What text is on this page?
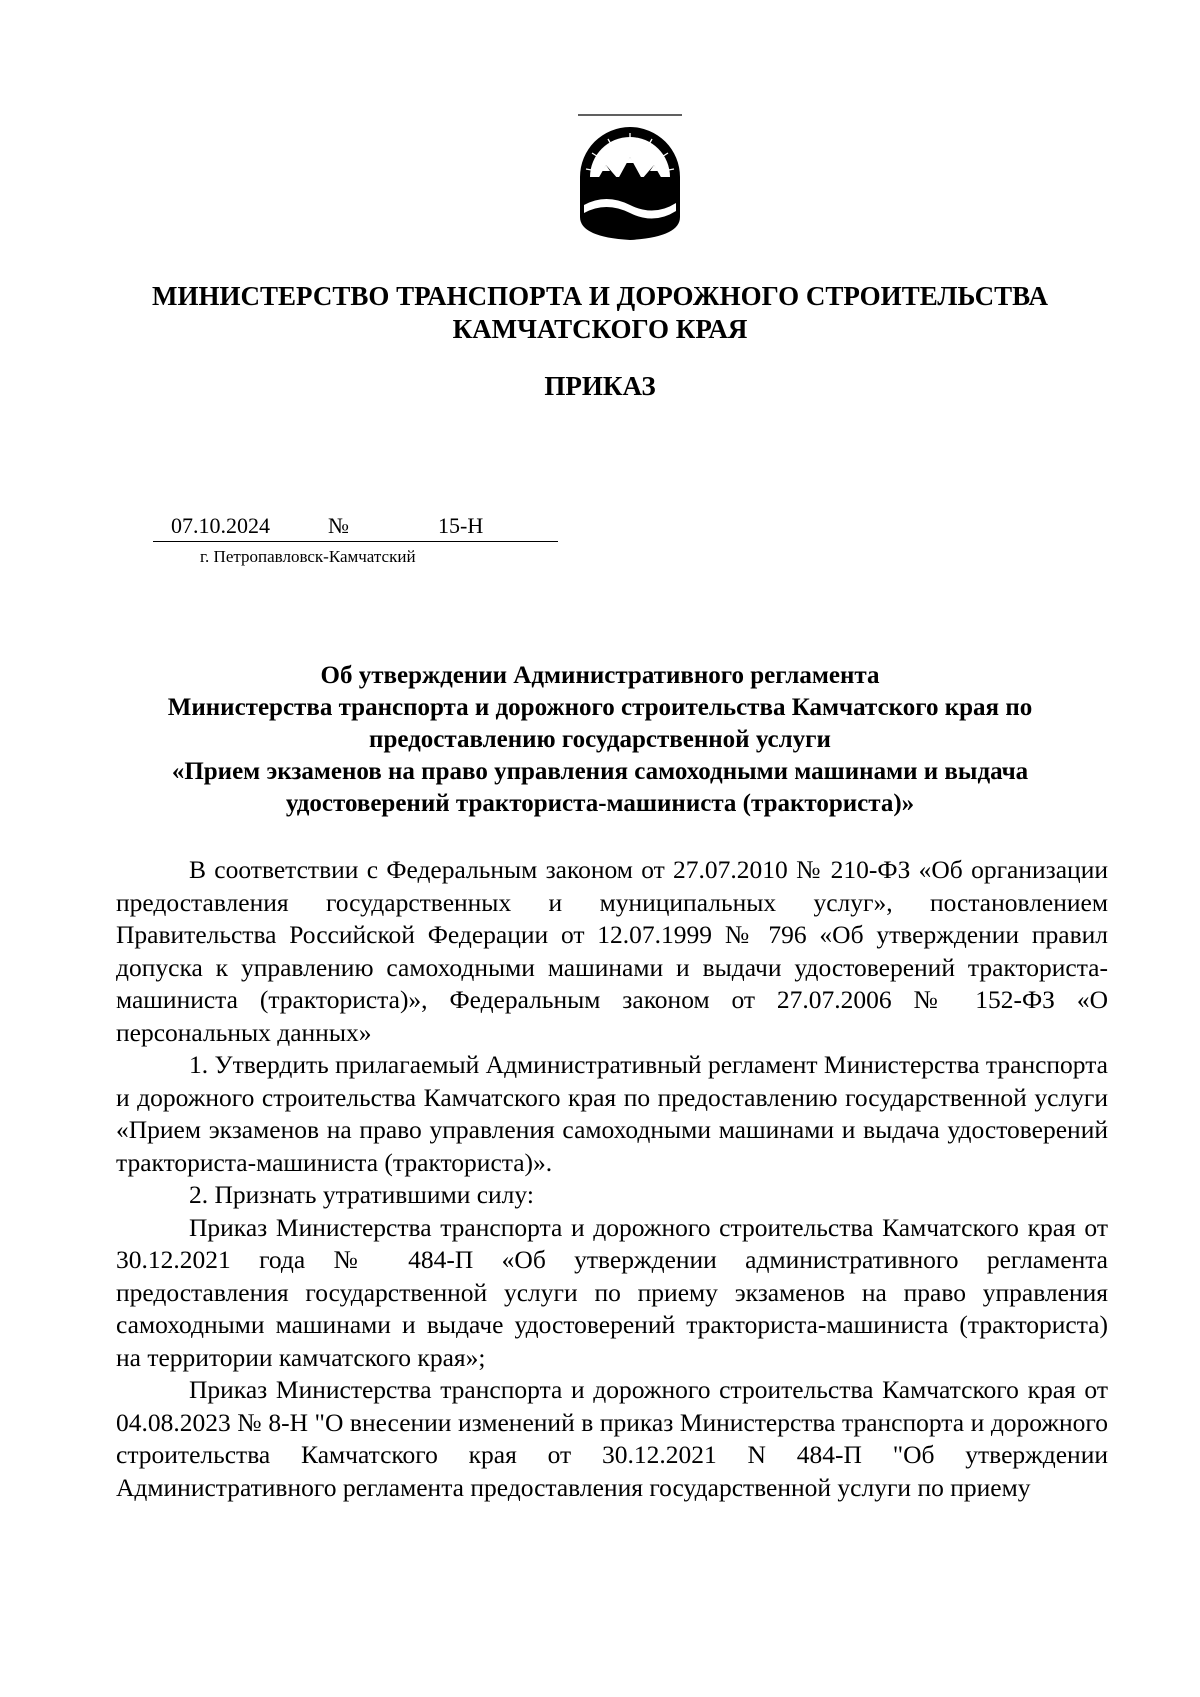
МИНИСТЕРСТВО ТРАНСПОРТА И ДОРОЖНОГО СТРОИТЕЛЬСТВА
КАМЧАТСКОГО КРАЯ
ПРИКАЗ
07.10.2024	№	15-Н
г. Петропавловск-Камчатский
Об утверждении Административного регламента
Министерства транспорта и дорожного строительства Камчатского края по
предоставлению государственной услуги
«Прием экзаменов на право управления самоходными машинами и выдача
удостоверений тракториста-машиниста (тракториста)»

В соответствии с Федеральным законом от 27.07.2010 № 210-ФЗ «Об организации предоставления государственных и муниципальных услуг», постановлением Правительства Российской Федерации от 12.07.1999 № 796 «Об утверждении правил допуска к управлению самоходными машинами и выдачи удостоверений тракториста-машиниста (тракториста)», Федеральным законом от 27.07.2006 № 152-ФЗ «О персональных данных»

1. Утвердить прилагаемый Административный регламент Министерства транспорта и дорожного строительства Камчатского края по предоставлению государственной услуги «Прием экзаменов на право управления самоходными машинами и выдача удостоверений тракториста-машиниста (тракториста)».

2. Признать утратившими силу:

Приказ Министерства транспорта и дорожного строительства Камчатского края от 30.12.2021 года № 484-П «Об утверждении административного регламента предоставления государственной услуги по приему экзаменов на право управления самоходными машинами и выдаче удостоверений тракториста-машиниста (тракториста) на территории камчатского края»;

Приказ Министерства транспорта и дорожного строительства Камчатского края от 04.08.2023 № 8-Н "О внесении изменений в приказ Министерства транспорта и дорожного строительства Камчатского края от 30.12.2021 N 484-П "Об утверждении Административного регламента предоставления государственной услуги по приему
